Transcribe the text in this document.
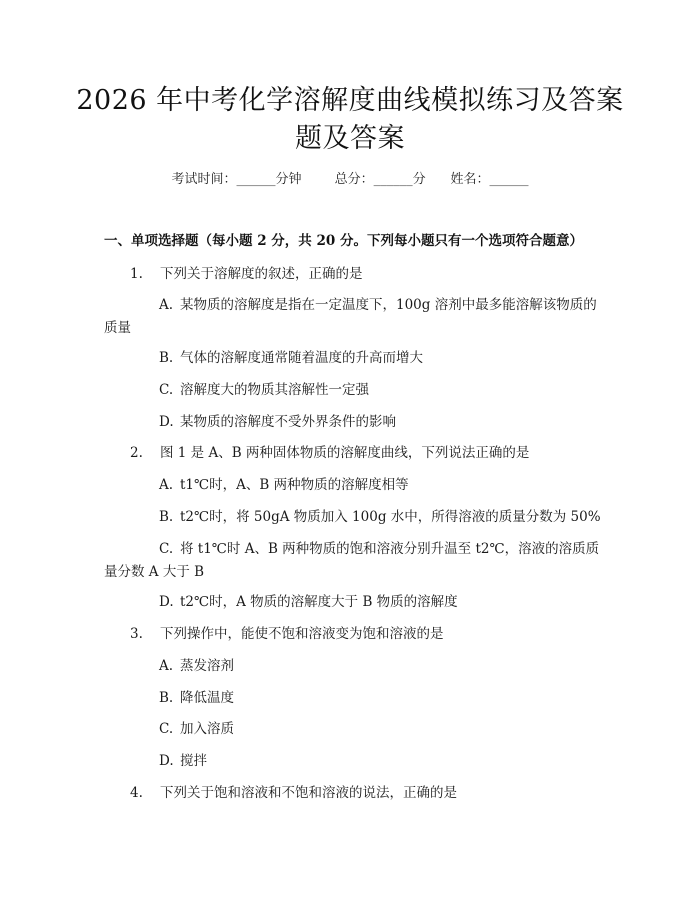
2026 年中考化学溶解度曲线模拟练习及答案
题及答案
考试时间：______分钟	总分：______分 姓名：______
一、单项选择题（每小题 2 分，共 20 分。下列每小题只有一个选项符合题意）
1. 下列关于溶解度的叙述，正确的是
A. 某物质的溶解度是指在一定温度下，100g 溶剂中最多能溶解该物质的
质量
B. 气体的溶解度通常随着温度的升高而增大
C. 溶解度大的物质其溶解性一定强
D. 某物质的溶解度不受外界条件的影响
2. 图 1 是 A、B 两种固体物质的溶解度曲线，下列说法正确的是
A. t1℃时，A、B 两种物质的溶解度相等
B. t2℃时，将 50gA 物质加入 100g 水中，所得溶液的质量分数为 50%
C. 将 t1℃时 A、B 两种物质的饱和溶液分别升温至 t2℃，溶液的溶质质
量分数 A 大于 B
D. t2℃时，A 物质的溶解度大于 B 物质的溶解度
3. 下列操作中，能使不饱和溶液变为饱和溶液的是
A. 蒸发溶剂
B. 降低温度
C. 加入溶质
D. 搅拌
4. 下列关于饱和溶液和不饱和溶液的说法，正确的是
